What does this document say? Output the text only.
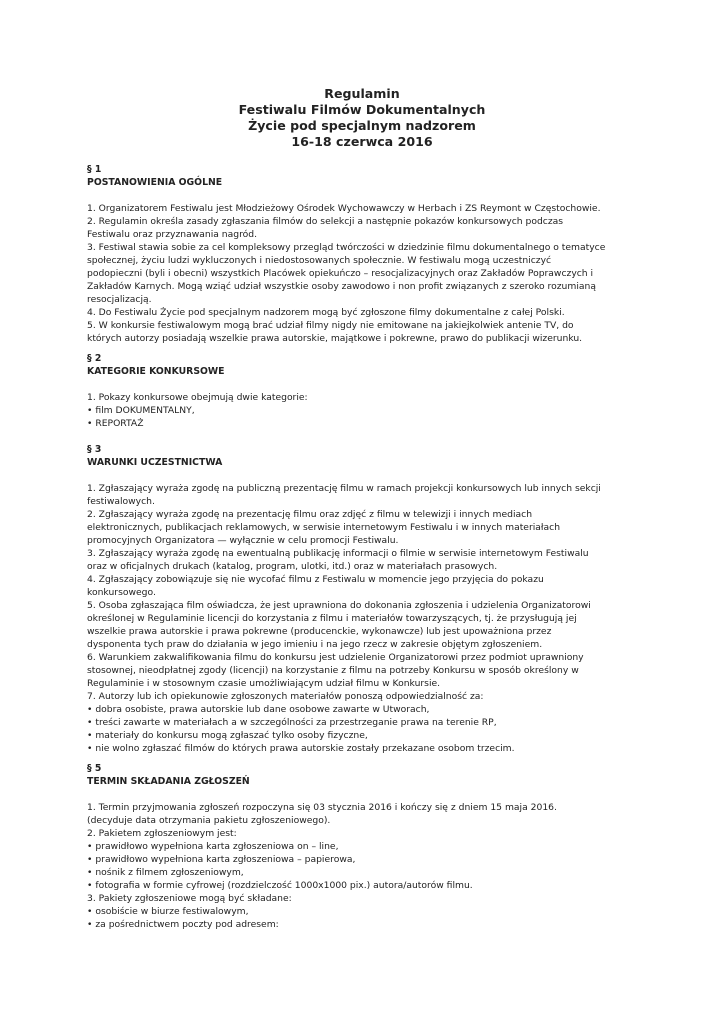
Regulamin
Festiwalu Filmów Dokumentalnych
Życie pod specjalnym nadzorem
16-18 czerwca 2016
§ 1
POSTANOWIENIA OGÓLNE

1. Organizatorem Festiwalu jest Młodzieżowy Ośrodek Wychowawczy w Herbach i ZS Reymont w Częstochowie.

2. Regulamin określa zasady zgłaszania filmów do selekcji a następnie pokazów konkursowych podczas

Festiwalu oraz przyznawania nagród.

3. Festiwal stawia sobie za cel kompleksowy przegląd twórczości w dziedzinie filmu dokumentalnego o tematyce

społecznej, życiu ludzi wykluczonych i niedostosowanych społecznie. W festiwalu mogą uczestniczyć

podopieczni (byli i obecni) wszystkich Placówek opiekuńczo – resocjalizacyjnych oraz Zakładów Poprawczych i

Zakładów Karnych. Mogą wziąć udział wszystkie osoby zawodowo i non profit związanych z szeroko rozumianą

resocjalizacją.

4. Do Festiwalu Życie pod specjalnym nadzorem mogą być zgłoszone filmy dokumentalne z całej Polski.

5. W konkursie festiwalowym mogą brać udział filmy nigdy nie emitowane na jakiejkolwiek antenie TV, do

których autorzy posiadają wszelkie prawa autorskie, majątkowe i pokrewne, prawo do publikacji wizerunku.

§ 2
KATEGORIE KONKURSOWE

1. Pokazy konkursowe obejmują dwie kategorie:

• film DOKUMENTALNY,

• REPORTAŻ

§ 3
WARUNKI UCZESTNICTWA

1. Zgłaszający wyraża zgodę na publiczną prezentację filmu w ramach projekcji konkursowych lub innych sekcji

festiwalowych.

2. Zgłaszający wyraża zgodę na prezentację filmu oraz zdjęć z filmu w telewizji i innych mediach

elektronicznych, publikacjach reklamowych, w serwisie internetowym Festiwalu i w innych materiałach

promocyjnych Organizatora — wyłącznie w celu promocji Festiwalu.

3. Zgłaszający wyraża zgodę na ewentualną publikację informacji o filmie w serwisie internetowym Festiwalu

oraz w oficjalnych drukach (katalog, program, ulotki, itd.) oraz w materiałach prasowych.

4. Zgłaszający zobowiązuje się nie wycofać filmu z Festiwalu w momencie jego przyjęcia do pokazu

konkursowego.

5. Osoba zgłaszająca film oświadcza, że jest uprawniona do dokonania zgłoszenia i udzielenia Organizatorowi

określonej w Regulaminie licencji do korzystania z filmu i materiałów towarzyszących, tj. że przysługują jej

wszelkie prawa autorskie i prawa pokrewne (producenckie, wykonawcze) lub jest upoważniona przez

dysponenta tych praw do działania w jego imieniu i na jego rzecz w zakresie objętym zgłoszeniem.

6. Warunkiem zakwalifikowania filmu do konkursu jest udzielenie Organizatorowi przez podmiot uprawniony

stosownej, nieodpłatnej zgody (licencji) na korzystanie z filmu na potrzeby Konkursu w sposób określony w

Regulaminie i w stosownym czasie umożliwiającym udział filmu w Konkursie.

7. Autorzy lub ich opiekunowie zgłoszonych materiałów ponoszą odpowiedzialność za:

• dobra osobiste, prawa autorskie lub dane osobowe zawarte w Utworach,

• treści zawarte w materiałach a w szczególności za przestrzeganie prawa na terenie RP,

• materiały do konkursu mogą zgłaszać tylko osoby fizyczne,

• nie wolno zgłaszać filmów do których prawa autorskie zostały przekazane osobom trzecim.

§ 5
TERMIN SKŁADANIA ZGŁOSZEŃ

1. Termin przyjmowania zgłoszeń rozpoczyna się 03 stycznia 2016 i kończy się z dniem 15 maja 2016.

(decyduje data otrzymania pakietu zgłoszeniowego).

2. Pakietem zgłoszeniowym jest:

• prawidłowo wypełniona karta zgłoszeniowa on – line,

• prawidłowo wypełniona karta zgłoszeniowa – papierowa,

• nośnik z filmem zgłoszeniowym,

• fotografia w formie cyfrowej (rozdzielczość 1000x1000 pix.) autora/autorów filmu.

3. Pakiety zgłoszeniowe mogą być składane:

• osobiście w biurze festiwalowym,

• za pośrednictwem poczty pod adresem:
